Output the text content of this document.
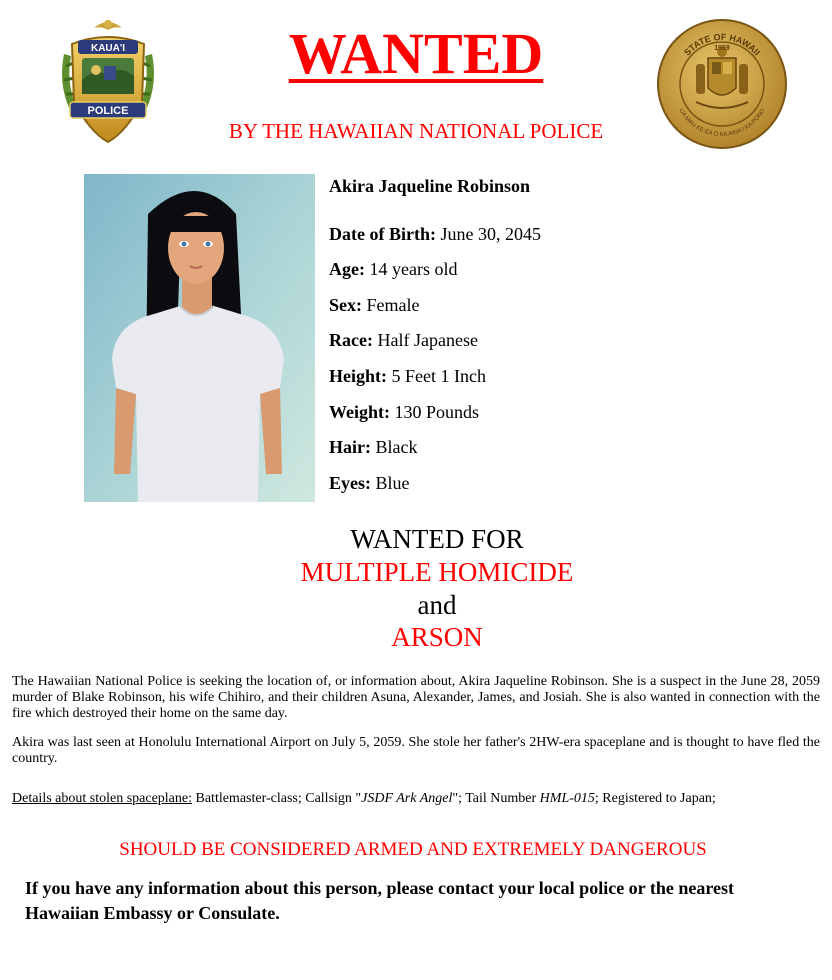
WANTED
BY THE HAWAIIAN NATIONAL POLICE
KAUA'I
POLICE
STATE OF HAWAII
UA MAU KE EA O KA AINA I KA PONO
1959
Akira Jaqueline Robinson
Date of Birth: June 30, 2045
Age: 14 years old
Sex: Female
Race: Half Japanese
Height: 5 Feet 1 Inch
Weight: 130 Pounds
Hair: Black
Eyes: Blue
WANTED FOR
MULTIPLE HOMICIDE
and
ARSON
The Hawaiian National Police is seeking the location of, or information about, Akira Jaqueline Robinson. She is a suspect in the June 28, 2059 murder of Blake Robinson, his wife Chihiro, and their children Asuna, Alexander, James, and Josiah. She is also wanted in connection with the fire which destroyed their home on the same day.
Akira was last seen at Honolulu International Airport on July 5, 2059. She stole her father's 2HW-era spaceplane and is thought to have fled the country.
Details about stolen spaceplane: Battlemaster-class; Callsign "JSDF Ark Angel"; Tail Number HML-015; Registered to Japan;
SHOULD BE CONSIDERED ARMED AND EXTREMELY DANGEROUS
If you have any information about this person, please contact your local police or the nearest Hawaiian Embassy or Consulate.
